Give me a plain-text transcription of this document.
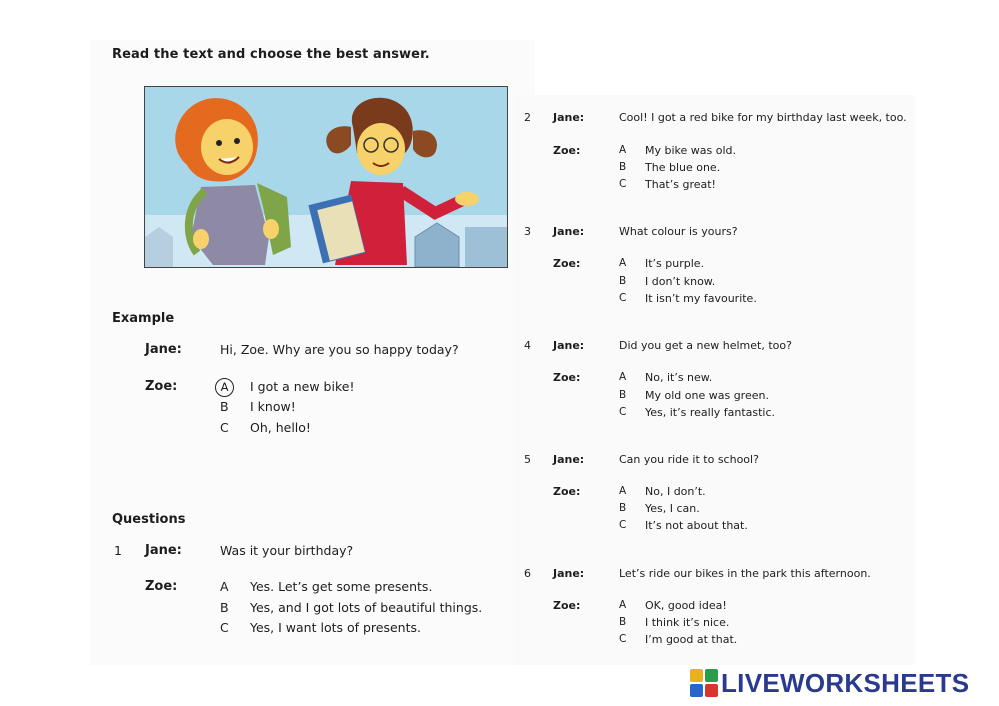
Read the text and choose the best answer.
Example
Jane:	Hi, Zoe. Why are you so happy today?
Zoe:	A	I got a new bike!
B I know!
C Oh, hello!
Questions
1 Jane:	Was it your birthday?
Zoe:	A Yes. Let’s get some presents.
B Yes, and I got lots of beautiful things.
C Yes, I want lots of presents.
2 Jane:	Cool! I got a red bike for my birthday last week, too.
Zoe:	A My bike was old.
B The blue one.
C That’s great!
3 Jane:	What colour is yours?
Zoe:	A It’s purple.
B I don’t know.
C It isn’t my favourite.
4 Jane:	Did you get a new helmet, too?
Zoe:	A No, it’s new.
B My old one was green.
C Yes, it’s really fantastic.
5 Jane:	Can you ride it to school?
Zoe:	A No, I don’t.
B Yes, I can.
C It’s not about that.
6 Jane:	Let’s ride our bikes in the park this afternoon.
Zoe:	A OK, good idea!
B I think it’s nice.
C I’m good at that.
LIVEWORKSHEETS
